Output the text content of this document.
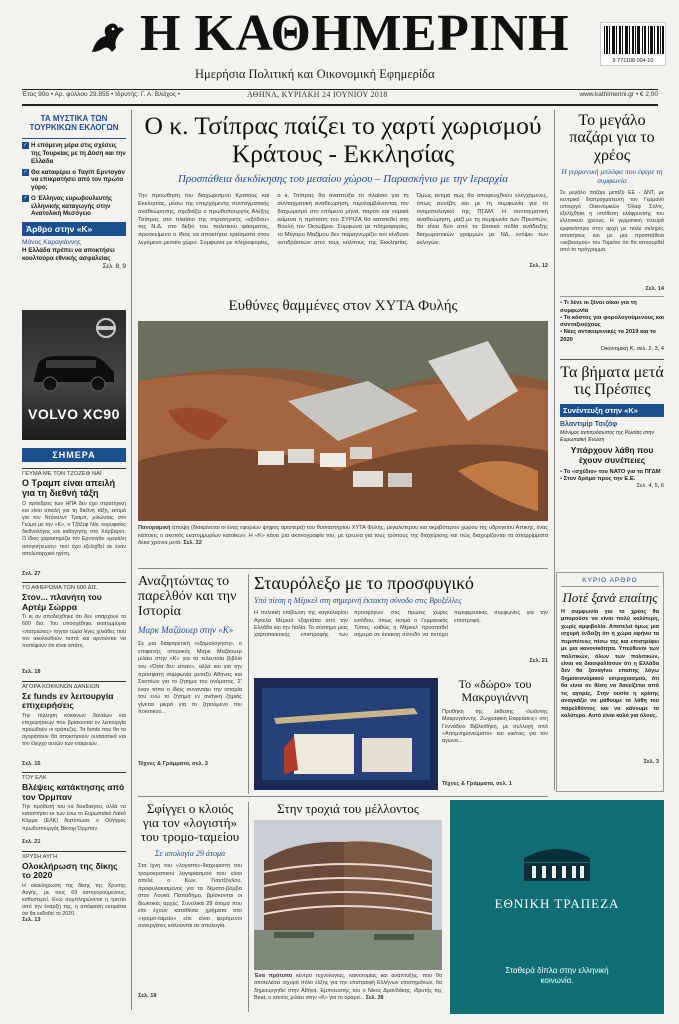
Η ΚΑΘΗΜΕΡΙΝΗ
Ημερήσια Πολιτική και Οικονομική Εφημερίδα
9 771108 004 10
Έτος 90ο • Αρ. φύλλου 29.855 • Ιδρυτής: Γ. Α. Βλάχος •	ΑΘΗΝΑ, ΚΥΡΙΑΚΗ 24 ΙΟΥΝΙΟΥ 2018	www.kathimerini.gr • € 2,00
ΤΑ ΜΥΣΤΙΚΑ ΤΩΝ ΤΟΥΡΚΙΚΩΝ ΕΚΛΟΓΩΝ
✓ Η επόμενη μέρα στις σχέσεις της Τουρκίας με τη Δύση και την Ελλάδα
✓ Θα καταφέρει ο Ταγίπ Ερντογάν να επικρατήσει από τον πρώτο γύρο;
✓ Ο Έλληνας ευρωβουλευτής ελληνικής καταγωγής στην Ανατολική Μεσόγειο
Άρθρο στην «Κ»
Μάνος Καραγιάννης
Η Ελλάδα πρέπει να αποκτήσει κουλτούρα εθνικής ασφαλείας
Σελ. 8, 9
VOLVO XC90
ΣΗΜΕΡΑ
ΓΕΥΜΑ ΜΕ ΤΟΝ ΤΖΟΖΕΦ ΝΑΪ
Ο Τραμπ είναι απειλή για τη διεθνή τάξη
Ο πρόεδρος των ΗΠΑ δεν έχει στρατηγική και είναι απειλή για τη διεθνή τάξη, εκτιμά για τον Ντόναλντ Τραμπ, μιλώντας στο Γεύμα με την «Κ», ο Τζόζεφ Νάι, κορυφαίος διεθνολόγος και καθηγητής στο Χάρβαρντ. Ο ίδιος χαρακτηρίζει τον Ερντογάν «μεγάλη απογοήτευση» που έχει εξελιχθεί σε έναν απολυταρχικό ηγέτη.
Σελ. 27
ΤΟ ΑΦΙΕΡΩΜΑ ΤΩΝ 600 ΔΙΣ.
Στον... πλανήτη του Αρτέμ Σώρρα
Τι κι αν αποδείχθηκε ότι δεν υπάρχουν τα 600 δισ. Του υποσχέθηκε εκατομμύρια «πατριώτες» πήγαν τώρα λίγες χιλιάδες που τον ακολουθούν πιστά και αρνούνται να πιστέψουν ότι είναι απάτη.
Σελ. 18
ΑΓΟΡΑ ΚΟΚΚΙΝΩΝ ΔΑΝΕΙΩΝ
Σε funds εν λειτουργία επιχειρήσεις
Την πώληση κόκκινων δανείων και επιχειρήσεων που βρίσκονται εν λειτουργία προωθούν οι τράπεζες. Τα funds που θα τα αγοράσουν θα αποκτήσουν ουσιαστικά και τον έλεγχο αυτών των εταιρειών.
Σελ. 15
ΤΟΥ ΕΛΚ
Βλέψεις κατάκτησης από τον Όρμπαν
Την πρόθεσή του να διεκδικήσει, αλλά να καταστήσει εκ των έσω το Ευρωπαϊκό Λαϊκό Κόμμα (ΕΛΚ) διατύπωσε ο Ούγγρος πρωθυπουργός Βίκτορ Όρμπαν.
Σελ. 21
ΧΡΥΣΗ ΑΥΓΗ
Ολοκλήρωση της δίκης το 2020
Η ολοκλήρωση της δίκης της Χρυσής Αυγής, με τους 69 κατηγορούμενους, καθυστερεί. Ενώ συμπληρώνεται η τριετία από την έναρξή της, η απόφαση εκτιμάται ότι θα εκδοθεί το 2020.
Σελ. 13
Ο κ. Τσίπρας παίζει το χαρτί χωρισμού Κράτους - Εκκλησίας
Προσπάθεια διεκδίκησης του μεσαίου χώρου – Παρασκήνιο με την Ιεραρχία
Την προώθηση του διαχωρισμού Κράτους και Εκκλησίας, μέσω της επερχόμενης συνταγματικής αναθεώρησης, σχεδιάζει ο πρωθυπουργός Αλέξης Τσίπρας στο πλαίσιο της στρατηγικής «εξόδου» της Ν.Δ. στο δεξιό του πολιτικού φάσματος, προσκείμενο ο ίδιος να αποκτήσει ερείσματα στον λεγόμενο μεσαίο χώρο. Σύμφωνα με πληροφορίες, ο κ. Τσίπρας θα αναπτύξει το πλαίσιο για τη συνταγματική αναθεώρηση, περιλαμβάνοντας τον διαχωρισμό στο επόμενο μήνα, παρότι και νομικά κείμενα η πρόταση του ΣΥΡΙΖΑ θα κατατεθεί στη Βουλή τον Οκτώβριο. Σύμφωνα με πληροφορίες, το Μέγαρο Μαξίμου δεν παραγνωρίζει τον κίνδυνο αντιδράσεων από τους κόλπους της Εκκλησίας. Όμως εκτιμά πως θα αποφευχθούν ελεγχόμενες, όπως συνέβη και με τη συμφωνία για το ονοματολογικό της ΠΓΔΜ. Η συνταγματική αναθεώρηση, μαζί με τη συμφωνία των Πρεσπών, θα είναι δύο από τα βασικά πεδία ανάδειξης διαχωριστικών γραμμών με ΝΔ, ενόψει των εκλογών.
Σελ. 12
Ευθύνες θαμμένες στον ΧΥΤΑ Φυλής
Πανοραμική άποψη (διακρίνεται οι ένας εφοριών ψήφος αριστερά) του θυσιαστηρίου ΧΥΤΑ Φυλής, μεγαλύτερου και ακριβότερου χώρου της υδρογείου Αττικής, ένας κάποιος ο σκοπός εκατομμυρίων κατοίκων. Η «Κ» κάνει μια ακτινογραφία του, με έρευνα για τους τρόπους της διαχείρισης και πώς διαχειρίζονται τα απορρίμματα δέκα χρόνια μετά. Σελ. 22
Αναζητώντας το παρελθόν και την Ιστορία
Μαρκ Μαζάουερ στην «Κ»
Σε μια διαφορετική «εξομολόγηση», ο επιφανής ιστορικός Μαρκ Μαζάουερ μιλάει στην «Κ» για τα τελευταία βιβλία του «Όσα δεν είπαν», αλλά και για την πρόσφατη συμφωνία μεταξύ Αθήνας και Σκοπίων για το ζήτημα του ονόματος. Σ' έναν τόπο ο ίδιος συναντάει την ιστορία του ενώ το ζήτημα εν ανάγκη ζημιάς γίνεται μικρό για το ζητούμενο του ποιοτικού...
Τέχνες & Γράμματα, σελ. 3
Σταυρόλεξο με το προσφυγικό
Υπό πίεση η Μέρκελ στη σημερινή έκτακτη σύνοδο στις Βρυξέλλες
Η πολιτική επιβίωση της καγκελαρίου Αγκελα Μέρκελ εξαρτάται από την Ελλάδα και την Ιταλία. Το σύστημο μιας χαρτοπαικτικής επιστροφής των προσφύγων στις πρώτες χώρες εισόδου, όπως εκτιμά ο Γερμανικός Τύπος, καθώς η Μέρκελ προσπαθεί σήμερα σε έκτακτη σύνοδο να πετύχει περιφερειακές συμφωνίες για την επιστροφή.
Σελ. 21
Το «δώρο» του Μακρυγιάννη
Προθήκη της έκθεσης «Ιωάννης Μακρυγιάννης. Ζωγραφική Εκφράσεις» στη Γεννάδειο Βιβλιοθήκη, με συλλογή από «Απομνημονεύματα» και εικόνες για τον αγώνα...
Τέχνες & Γράμματα, σελ. 1
Σφίγγει ο κλοιός για τον «λογιστή» του τρομο-ταμείου
Σε απολογία 29 άτομα
Στα ίχνη του «λογιστή»-διαχειριστή του τρομοκρατικού λογαριασμού που είναι απελέ ο Κων. Γιαγτζόγλου, προφυλακισμένος για τα δέματα-βόμβα στον Λουκά Παπαδήμο, βρίσκονται οι διωκτικές αρχές. Συνολικά 29 άτομα που είτε έχουν καταθέσει χρήματα στο «τρομο-ταμείο» είτε είναι φερόμενοι συνεργάτες καλούνται σε απολογία.
Σελ. 18
Στην τροχιά του μέλλοντος
Ένα πρότυπο κέντρο τεχνολογίας, καινοτομίας και ανάπτυξης, που θα αποτελέσει ισχυρό πόλο έλξης για την επιστροφή Ελλήνων επιστημόνων, θα δημιουργηθεί στην Αθήνα. Εμπνευστής του ο Νίκος Δρανδάκης, ιδρυτής της Beat, ο οποίος μιλάει στην «Κ» για το όραμα... Σελ. 28
Το μεγάλο παζάρι για το χρέος
Η γερμανική μπλόφα που έφερε τη συμφωνία
Σε μεγάλο παζάρι μεταξύ ΕΕ - ΔΝΤ, με κεντρικό διαπραγματευτή τον Γερμανό υπουργό Οικονομικών Όλαφ Σολτς, εξελίχθηκε η υπόθεση ελάφρυνσης του ελληνικού χρέους. Η γερμανική πλευρά εμφανίστηκε στην αρχή με πολύ σκληρές απαιτήσεις και με μια προσπάθεια «εκβιασμού» του Ταμείου ότι θα αποσυρθεί από το πρόγραμμα.
Σελ. 14
▪ Τι λένε οι ξένοι οίκοι για τη συμφωνία
▪ Το κόστος για φορολογούμενους και συνταξιούχους
▪ Νέες αντικειμενικές το 2019 και το 2020
Οικονομική Κ, σελ. 2, 3, 4
Τα βήματα μετά τις Πρέσπες
Συνέντευξη στην «Κ»
Βλαντιμίρ Τσιζόφ
Μόνιμος αντιπρόσωπος της Ρωσίας στην Ευρωπαϊκή Ένωση
Υπάρχουν λάθη που έχουν συνέπειες
▪ Το «σχέδιο» του ΝΑΤΟ για τα ΠΓΔΜ
▪ Στον δρόμο προς την Ε.Ε.
Σελ. 4, 5, 6
ΚΥΡΙΟ ΑΡΘΡΟ
Ποτέ ξανά επαίτης
Η συμφωνία για το χρέος θα μπορούσε να είναι πολύ καλύτερη, χωρίς αμφιβολία. Αποτελεί όμως μια ισχυρή ένδειξη ότι η χώρα αφήνει τα περιπέτειες πίσω της και επιστρέφει με μια κανονικότητα. Υπεύθυνοι των πολιτικών, όλων των πολιτικών, είναι να διασφαλίσουν ότι η Ελλάδα δεν θα ξαναγίνει επαίτης λόγω δημοσιονομικού εκτροχιασμού, ότι θα είναι σε θέση να δανείζεται από τις αγορές. Στην ουσία η κρίσης αναγκάζει να μάθουμε τα λάθη του παρελθόντος και να κάνουμε το καλύτερο. Αυτό είναι καλό για όλους.
Σελ. 3
ΕΘΝΙΚΗ ΤΡΑΠΕΖΑ
Σταθερά δίπλα στην ελληνική κοινωνία.
